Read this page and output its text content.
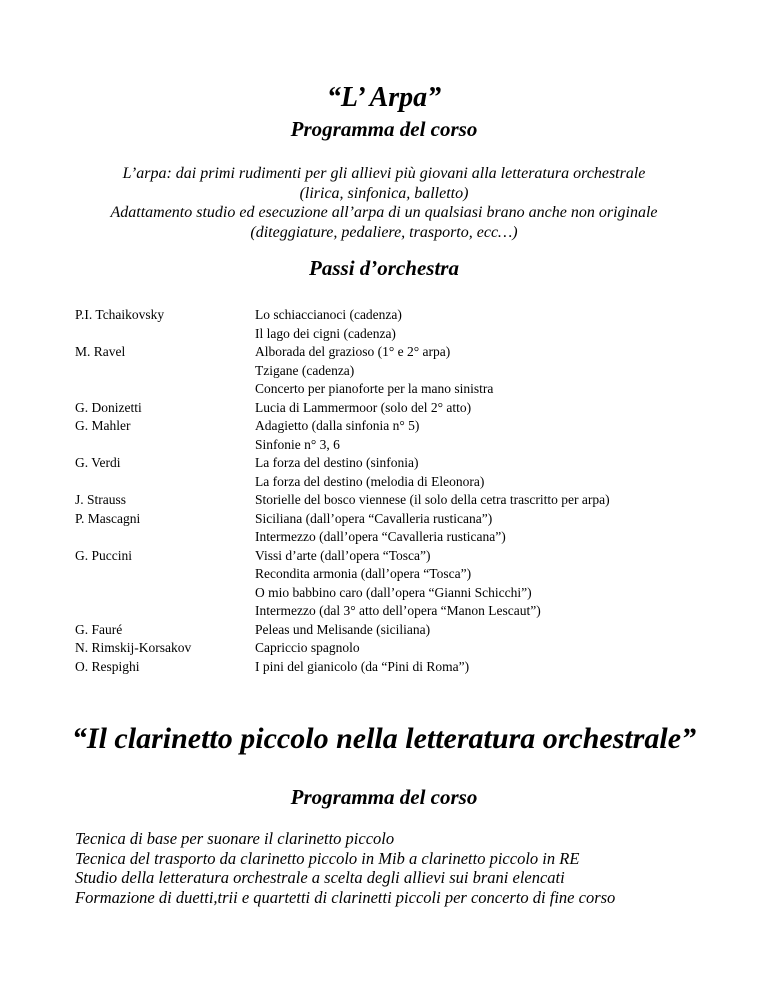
“L’ Arpa”
Programma del corso
L’arpa: dai primi rudimenti per gli allievi più giovani alla letteratura orchestrale
(lirica, sinfonica, balletto)
Adattamento studio ed esecuzione all’arpa di un qualsiasi brano anche non originale
(diteggiature, pedaliere, trasporto, ecc…)
Passi d’orchestra
P.I. Tchaikovsky	Lo schiaccianoci (cadenza)
Il lago dei cigni (cadenza)
M. Ravel	Alborada del grazioso (1° e 2° arpa)
Tzigane (cadenza)
Concerto per pianoforte per la mano sinistra
G. Donizetti	Lucia di Lammermoor (solo del 2° atto)
G. Mahler	Adagietto (dalla sinfonia n° 5)
Sinfonie n° 3, 6
G. Verdi	La forza del destino (sinfonia)
La forza del destino (melodia di Eleonora)
J. Strauss	Storielle del bosco viennese (il solo della cetra trascritto per arpa)
P. Mascagni	Siciliana (dall’opera “Cavalleria rusticana”)
Intermezzo (dall’opera “Cavalleria rusticana”)
G. Puccini	Vissi d’arte (dall’opera “Tosca”)
Recondita armonia (dall’opera “Tosca”)
O mio babbino caro (dall’opera “Gianni Schicchi”)
Intermezzo (dal 3° atto dell’opera “Manon Lescaut”)
G. Fauré	Peleas und Melisande (siciliana)
N. Rimskij-Korsakov	Capriccio spagnolo
O. Respighi	I pini del gianicolo (da “Pini di Roma”)
“Il clarinetto piccolo nella letteratura orchestrale”
Programma del corso
Tecnica di base per suonare il clarinetto piccolo
Tecnica del trasporto da clarinetto piccolo in Mib a clarinetto piccolo in RE
Studio della letteratura orchestrale a scelta degli allievi sui brani elencati
Formazione di duetti,trii e quartetti di clarinetti piccoli per concerto di fine corso
